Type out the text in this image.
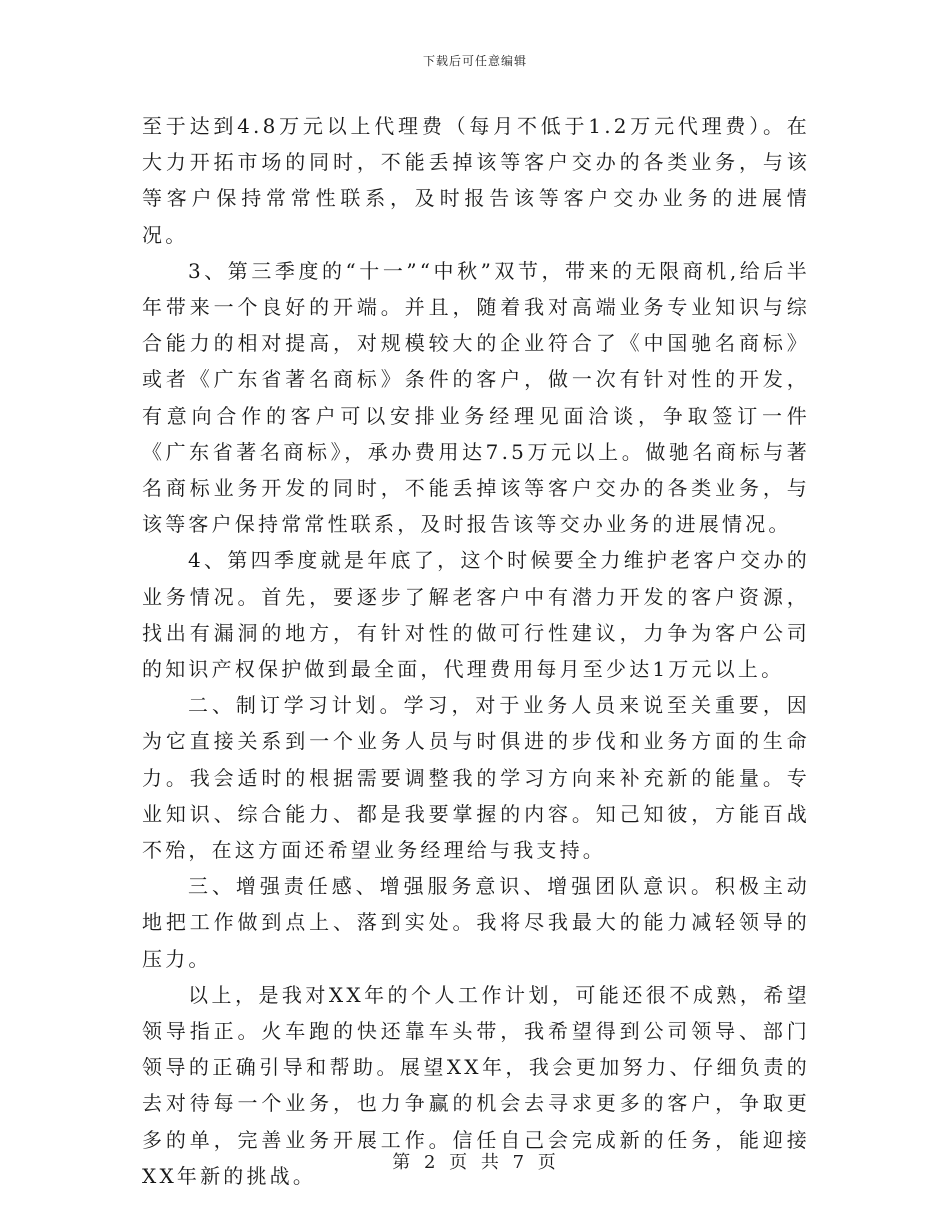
下载后可任意编辑

至于达到4.8万元以上代理费（每月不低于1.2万元代理费）。在大力开拓市场的同时，不能丢掉该等客户交办的各类业务，与该等客户保持常常性联系，及时报告该等客户交办业务的进展情况。

3、第三季度的“十一”“中秋”双节，带来的无限商机,给后半年带来一个良好的开端。并且，随着我对高端业务专业知识与综合能力的相对提高，对规模较大的企业符合了《中国驰名商标》或者《广东省著名商标》条件的客户，做一次有针对性的开发，有意向合作的客户可以安排业务经理见面洽谈，争取签订一件《广东省著名商标》，承办费用达7.5万元以上。做驰名商标与著名商标业务开发的同时，不能丢掉该等客户交办的各类业务，与该等客户保持常常性联系，及时报告该等交办业务的进展情况。

4、第四季度就是年底了，这个时候要全力维护老客户交办的业务情况。首先，要逐步了解老客户中有潜力开发的客户资源，找出有漏洞的地方，有针对性的做可行性建议，力争为客户公司的知识产权保护做到最全面，代理费用每月至少达1万元以上。

二、制订学习计划。学习，对于业务人员来说至关重要，因为它直接关系到一个业务人员与时俱进的步伐和业务方面的生命力。我会适时的根据需要调整我的学习方向来补充新的能量。专业知识、综合能力、都是我要掌握的内容。知己知彼，方能百战不殆，在这方面还希望业务经理给与我支持。

三、增强责任感、增强服务意识、增强团队意识。积极主动地把工作做到点上、落到实处。我将尽我最大的能力减轻领导的压力。

以上，是我对XX年的个人工作计划，可能还很不成熟，希望领导指正。火车跑的快还靠车头带，我希望得到公司领导、部门领导的正确引导和帮助。展望XX年，我会更加努力、仔细负责的去对待每一个业务，也力争赢的机会去寻求更多的客户，争取更多的单，完善业务开展工作。信任自己会完成新的任务，能迎接XX年新的挑战。

第 2 页 共 7 页
